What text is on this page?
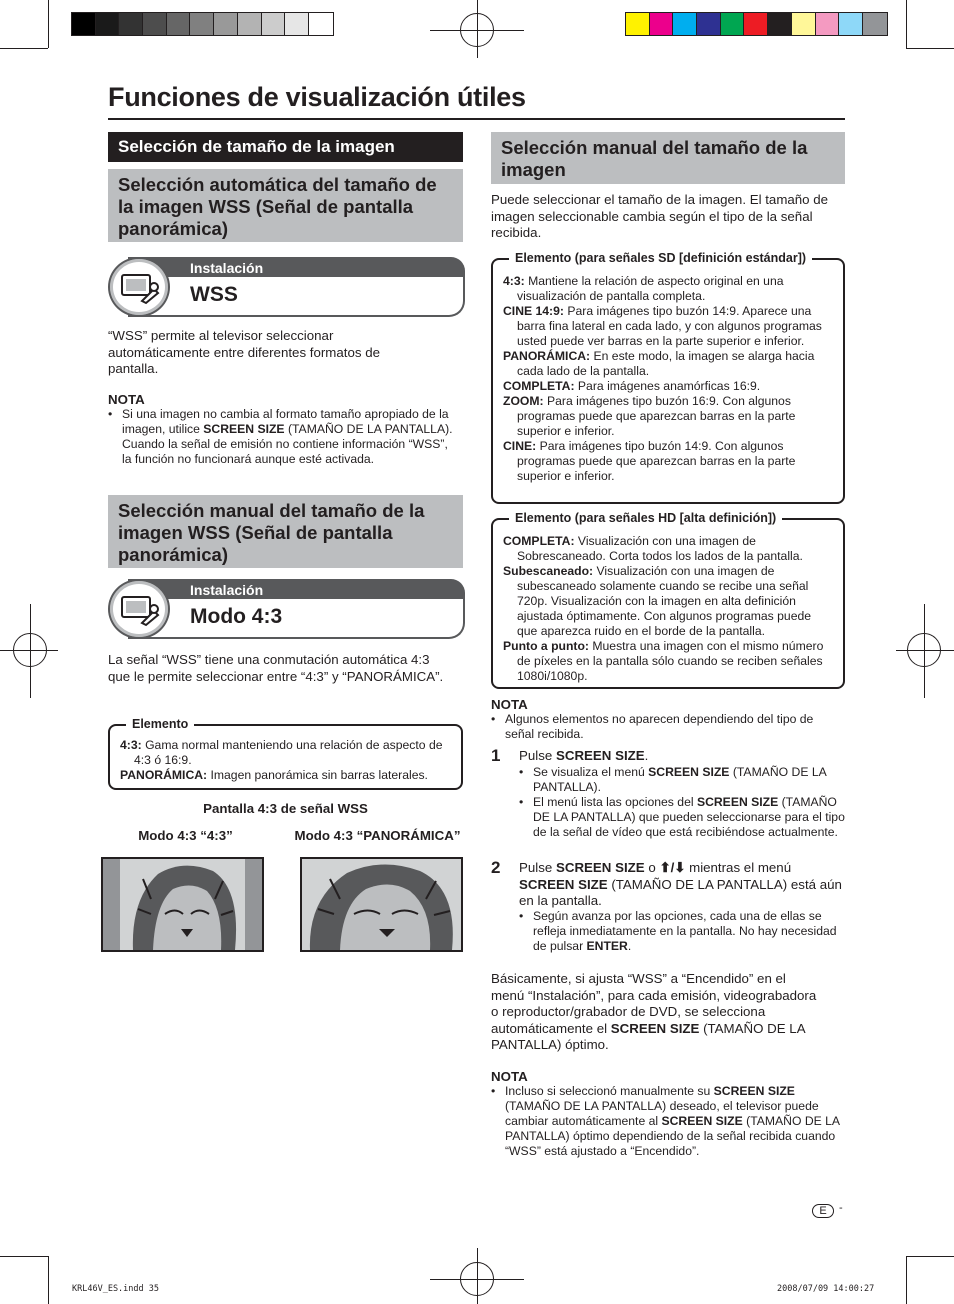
Funciones de visualización útiles
Selección de tamaño de la imagen
Selección automática del tamaño de la imagen WSS (Señal de pantalla panorámica)
Instalación
WSS
“WSS” permite al televisor seleccionar automáticamente entre diferentes formatos de pantalla.
NOTA
• Si una imagen no cambia al formato tamaño apropiado de la imagen, utilice SCREEN SIZE (TAMAÑO DE LA PANTALLA). Cuando la señal de emisión no contiene información “WSS”, la función no funcionará aunque esté activada.
Selección manual del tamaño de la imagen WSS (Señal de pantalla panorámica)
Instalación
Modo 4:3
La señal “WSS” tiene una conmutación automática 4:3 que le permite seleccionar entre “4:3” y “PANORÁMICA”.
Elemento
4:3: Gama normal manteniendo una relación de aspecto de 4:3 ó 16:9.
PANORÁMICA: Imagen panorámica sin barras laterales.
Pantalla 4:3 de señal WSS
Modo 4:3 “4:3”	Modo 4:3 “PANORÁMICA”
Selección manual del tamaño de la imagen
Puede seleccionar el tamaño de la imagen. El tamaño de imagen seleccionable cambia según el tipo de la señal recibida.
Elemento (para señales SD [definición estándar])
4:3: Mantiene la relación de aspecto original en una visualización de pantalla completa.
CINE 14:9: Para imágenes tipo buzón 14:9. Aparece una barra fina lateral en cada lado, y con algunos programas usted puede ver barras en la parte superior e inferior.
PANORÁMICA: En este modo, la imagen se alarga hacia cada lado de la pantalla.
COMPLETA: Para imágenes anamórficas 16:9.
ZOOM: Para imágenes tipo buzón 16:9. Con algunos programas puede que aparezcan barras en la parte superior e inferior.
CINE: Para imágenes tipo buzón 14:9. Con algunos programas puede que aparezcan barras en la parte superior e inferior.
Elemento (para señales HD [alta definición])
COMPLETA: Visualización con una imagen de Sobrescaneado. Corta todos los lados de la pantalla.
Subescaneado: Visualización con una imagen de subescaneado solamente cuando se recibe una señal 720p. Visualización con la imagen en alta definición ajustada óptimamente. Con algunos programas puede que aparezca ruido en el borde de la pantalla.
Punto a punto: Muestra una imagen con el mismo número de píxeles en la pantalla sólo cuando se reciben señales 1080i/1080p.
NOTA
• Algunos elementos no aparecen dependiendo del tipo de señal recibida.
1 Pulse SCREEN SIZE.
• Se visualiza el menú SCREEN SIZE (TAMAÑO DE LA PANTALLA).
• El menú lista las opciones del SCREEN SIZE (TAMAÑO DE LA PANTALLA) que pueden seleccionarse para el tipo de la señal de vídeo que está recibiéndose actualmente.
2 Pulse SCREEN SIZE o ⬆/⬇ mientras el menú SCREEN SIZE (TAMAÑO DE LA PANTALLA) está aún en la pantalla.
• Según avanza por las opciones, cada una de ellas se refleja inmediatamente en la pantalla. No hay necesidad de pulsar ENTER.
Básicamente, si ajusta “WSS” a “Encendido” en el menú “Instalación”, para cada emisión, videograbadora o reproductor/grabador de DVD, se selecciona automáticamente el SCREEN SIZE (TAMAÑO DE LA PANTALLA) óptimo.
NOTA
• Incluso si seleccionó manualmente su SCREEN SIZE (TAMAÑO DE LA PANTALLA) deseado, el televisor puede cambiar automáticamente al SCREEN SIZE (TAMAÑO DE LA PANTALLA) óptimo dependiendo de la señal recibida cuando “WSS” está ajustado a “Encendido”.
E	-
KRL46V_ES.indd 35	2008/07/09 14:00:27
